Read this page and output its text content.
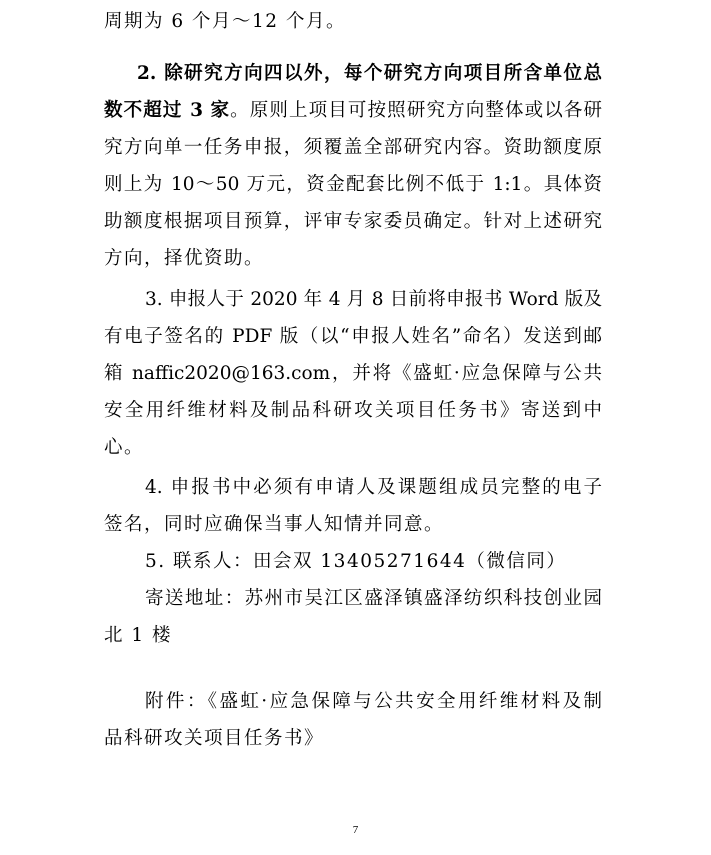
周期为 6 个月～12 个月。
2. 除研究方向四以外，每个研究方向项目所含单位总
数不超过 3 家。原则上项目可按照研究方向整体或以各研
究方向单一任务申报，须覆盖全部研究内容。资助额度原
则上为 10～50 万元，资金配套比例不低于 1:1。具体资
助额度根据项目预算，评审专家委员确定。针对上述研究
方向，择优资助。
3. 申报人于 2020 年 4 月 8 日前将申报书 Word 版及
有电子签名的 PDF 版（以“申报人姓名”命名）发送到邮
箱 naffic2020@163.com，并将《盛虹·应急保障与公共
安全用纤维材料及制品科研攻关项目任务书》寄送到中
心。
4. 申报书中必须有申请人及课题组成员完整的电子
签名，同时应确保当事人知情并同意。
5. 联系人：田会双 13405271644（微信同）
寄送地址：苏州市吴江区盛泽镇盛泽纺织科技创业园
北 1 楼
附件：《盛虹·应急保障与公共安全用纤维材料及制
品科研攻关项目任务书》
7
